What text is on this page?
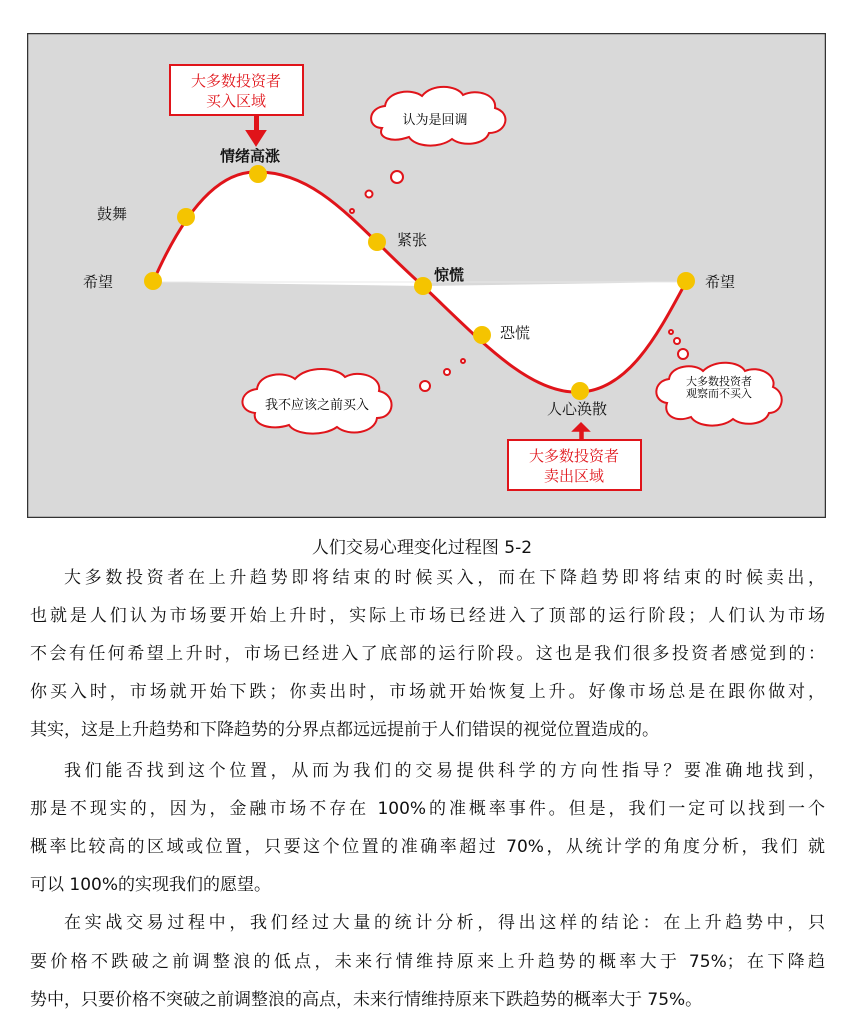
希望
鼓舞
情绪高涨
紧张
惊慌
恐慌
人心涣散
希望
大多数投资者
买入区域
大多数投资者
卖出区域
认为是回调
我不应该之前买入
大多数投资者
观察而不买入
人们交易心理变化过程图 5-2
大多数投资者在上升趋势即将结束的时候买入，而在下降趋势即将结束的时候卖出，
也就是人们认为市场要开始上升时，实际上市场已经进入了顶部的运行阶段；人们认为市场
不会有任何希望上升时，市场已经进入了底部的运行阶段。这也是我们很多投资者感觉到的：
你买入时，市场就开始下跌；你卖出时，市场就开始恢复上升。好像市场总是在跟你做对，
其实，这是上升趋势和下降趋势的分界点都远远提前于人们错误的视觉位置造成的。
我们能否找到这个位置，从而为我们的交易提供科学的方向性指导？要准确地找到，
那是不现实的，因为，金融市场不存在 100%的准概率事件。但是，我们一定可以找到一个
概率比较高的区域或位置，只要这个位置的准确率超过 70%，从统计学的角度分析，我们 就
可以 100%的实现我们的愿望。
在实战交易过程中，我们经过大量的统计分析，得出这样的结论：在上升趋势中，只
要价格不跌破之前调整浪的低点，未来行情维持原来上升趋势的概率大于 75%；在下降趋
势中，只要价格不突破之前调整浪的高点，未来行情维持原来下跌趋势的概率大于 75%。
